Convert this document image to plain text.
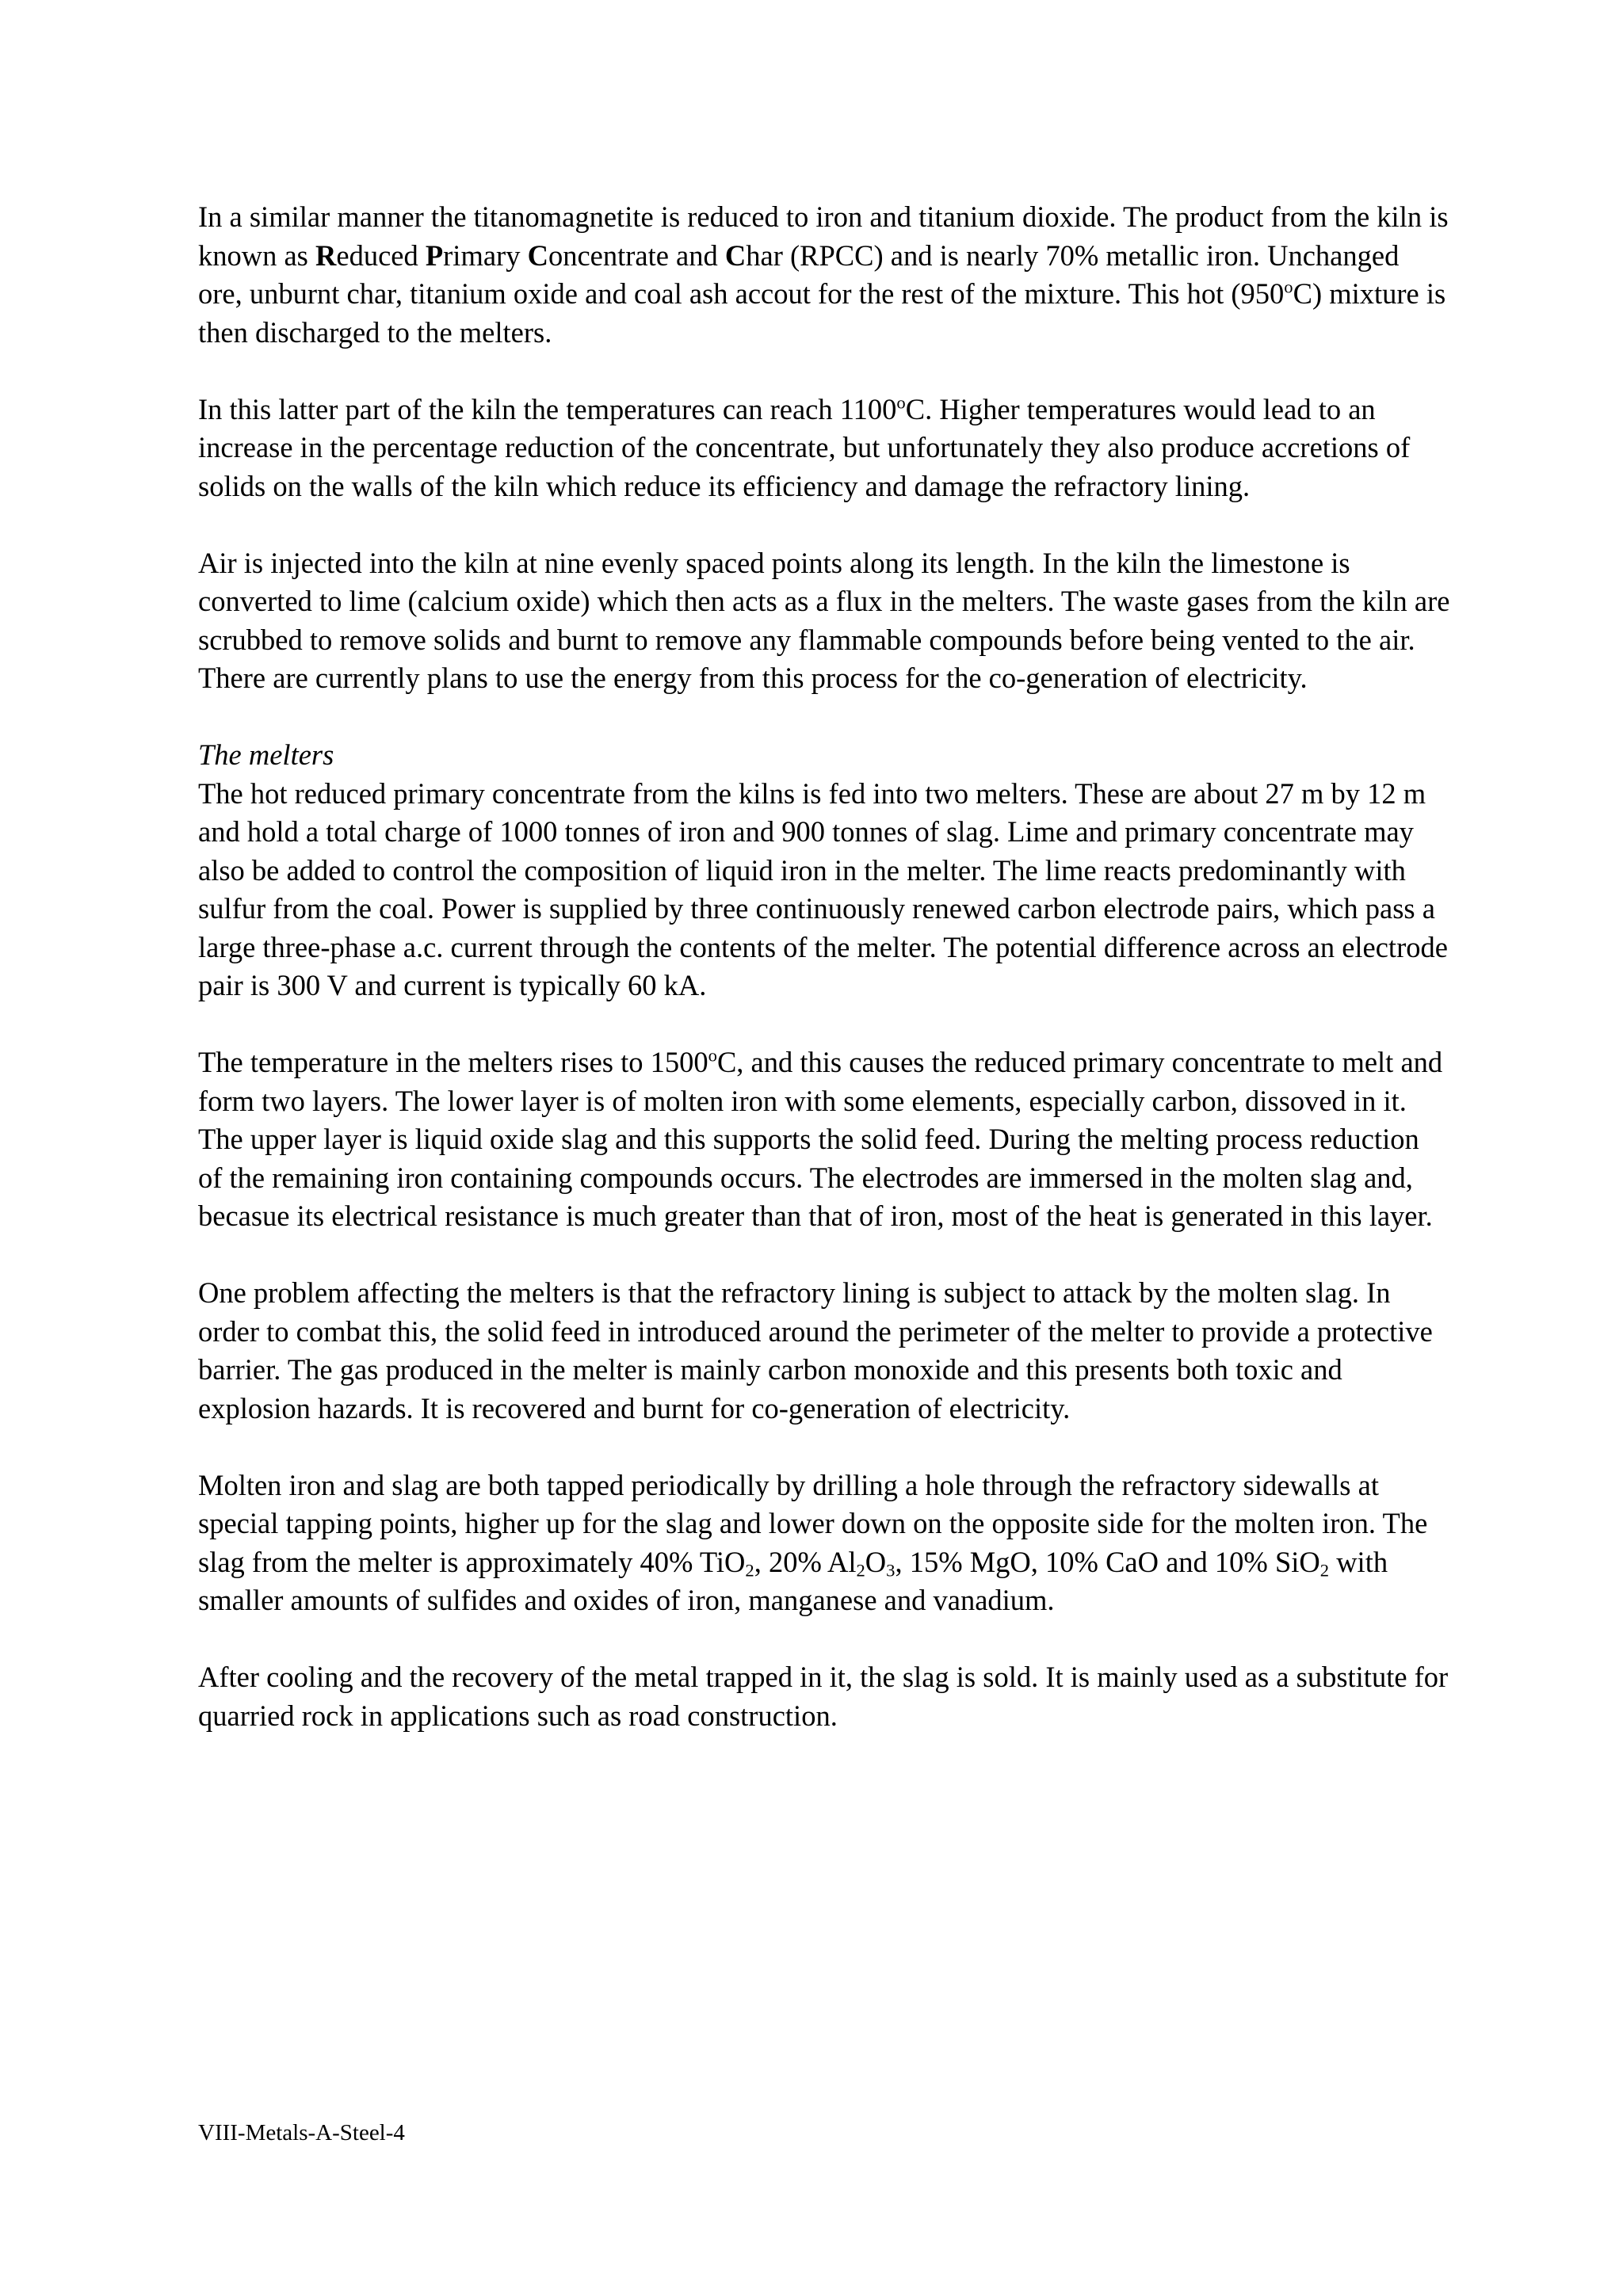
In a similar manner the titanomagnetite is reduced to iron and titanium dioxide. The product from the kiln is known as Reduced Primary Concentrate and Char (RPCC) and is nearly 70% metallic iron. Unchanged ore, unburnt char, titanium oxide and coal ash accout for the rest of the mixture. This hot (950$^o$C) mixture is then discharged to the melters.

In this latter part of the kiln the temperatures can reach 1100$^o$C. Higher temperatures would lead to an increase in the percentage reduction of the concentrate, but unfortunately they also produce accretions of solids on the walls of the kiln which reduce its efficiency and damage the refractory lining.

Air is injected into the kiln at nine evenly spaced points along its length. In the kiln the limestone is converted to lime (calcium oxide) which then acts as a flux in the melters. The waste gases from the kiln are scrubbed to remove solids and burnt to remove any flammable compounds before being vented to the air. There are currently plans to use the energy from this process for the co-generation of electricity.

The melters

The hot reduced primary concentrate from the kilns is fed into two melters. These are about 27 m by 12 m and hold a total charge of 1000 tonnes of iron and 900 tonnes of slag. Lime and primary concentrate may also be added to control the composition of liquid iron in the melter. The lime reacts predominantly with sulfur from the coal. Power is supplied by three continuously renewed carbon electrode pairs, which pass a large three-phase a.c. current through the contents of the melter. The potential difference across an electrode pair is 300 V and current is typically 60 kA.

The temperature in the melters rises to 1500$^o$C, and this causes the reduced primary concentrate to melt and form two layers. The lower layer is of molten iron with some elements, especially carbon, dissoved in it. The upper layer is liquid oxide slag and this supports the solid feed. During the melting process reduction of the remaining iron containing compounds occurs. The electrodes are immersed in the molten slag and, becasue its electrical resistance is much greater than that of iron, most of the heat is generated in this layer.

One problem affecting the melters is that the refractory lining is subject to attack by the molten slag. In order to combat this, the solid feed in introduced around the perimeter of the melter to provide a protective barrier. The gas produced in the melter is mainly carbon monoxide and this presents both toxic and explosion hazards. It is recovered and burnt for co-generation of electricity.

Molten iron and slag are both tapped periodically by drilling a hole through the refractory sidewalls at special tapping points, higher up for the slag and lower down on the opposite side for the molten iron. The slag from the melter is approximately 40% TiO$_2$, 20% $Al_2O_3$, 15% MgO, 10% CaO and 10% SiO$_2$ with smaller amounts of sulfides and oxides of iron, manganese and vanadium.

After cooling and the recovery of the metal trapped in it, the slag is sold. It is mainly used as a substitute for quarried rock in applications such as road construction.

VIII-Metals-A-Steel-4
